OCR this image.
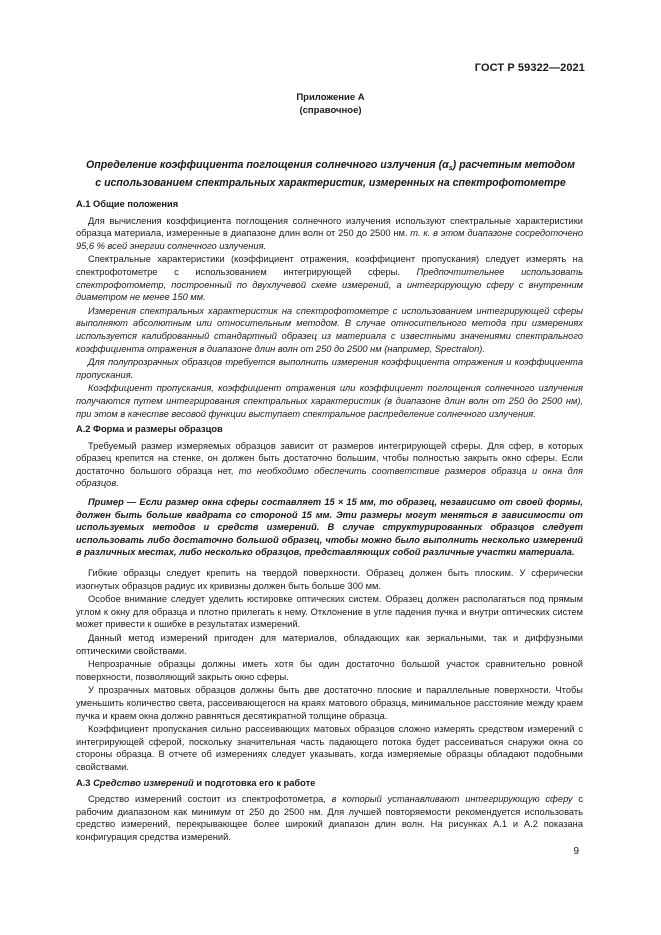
ГОСТ Р 59322—2021
Приложение А
(справочное)
Определение коэффициента поглощения солнечного излучения $(\alpha_s)$ расчетным методом
с использованием спектральных характеристик, измеренных на спектрофотометре
А.1 Общие положения
Для вычисления коэффициента поглощения солнечного излучения используют спектральные характеристики образца материала, измеренные в диапазоне длин волн от 250 до 2500 нм. т. к. в этом диапазоне сосредоточено 95,6 % всей энергии солнечного излучения.
Спектральные характеристики (коэффициент отражения, коэффициент пропускания) следует измерять на спектрофотометре с использованием интегрирующей сферы. Предпочтительнее использовать спектрофотометр, построенный по двухлучевой схеме измерений, а интегрирующую сферу с внутренним диаметром не менее 150 мм.
Измерения спектральных характеристик на спектрофотометре с использованием интегрирующей сферы выполняют абсолютным или относительным методом. В случае относительного метода при измерениях используется калиброванный стандартный образец из материала с известными значениями спектрального коэффициента отражения в диапазоне длин волн от 250 до 2500 нм (например, Spectralon).
Для полупрозрачных образцов требуется выполнить измерения коэффициента отражения и коэффициента пропускания.
Коэффициент пропускания, коэффициент отражения или коэффициент поглощения солнечного излучения получаются путем интегрирования спектральных характеристик (в диапазоне длин волн от 250 до 2500 нм), при этом в качестве весовой функции выступает спектральное распределение солнечного излучения.
А.2 Форма и размеры образцов
Требуемый размер измеряемых образцов зависит от размеров интегрирующей сферы. Для сфер, в которых образец крепится на стенке, он должен быть достаточно большим, чтобы полностью закрыть окно сферы. Если достаточно большого образца нет, то необходимо обеспечить соответствие размеров образца и окна для образцов.
Пример — Если размер окна сферы составляет 15 × 15 мм, то образец, независимо от своей формы, должен быть больше квадрата со стороной 15 мм. Эти размеры могут меняться в зависимости от используемых методов и средств измерений. В случае структурированных образцов следует использовать либо достаточно большой образец, чтобы можно было выполнить несколько измерений в различных местах, либо несколько образцов, представляющих собой различные участки материала.
Гибкие образцы следует крепить на твердой поверхности. Образец должен быть плоским. У сферически изогнутых образцов радиус их кривизны должен быть больше 300 мм.
Особое внимание следует уделить юстировке оптических систем. Образец должен располагаться под прямым углом к окну для образца и плотно прилегать к нему. Отклонение в угле падения пучка и внутри оптических систем может привести к ошибке в результатах измерений.
Данный метод измерений пригоден для материалов, обладающих как зеркальными, так и диффузными оптическими свойствами.
Непрозрачные образцы должны иметь хотя бы один достаточно большой участок сравнительно ровной поверхности, позволяющий закрыть окно сферы.
У прозрачных матовых образцов должны быть две достаточно плоские и параллельные поверхности. Чтобы уменьшить количество света, рассеивающегося на краях матового образца, минимальное расстояние между краем пучка и краем окна должно равняться десятикратной толщине образца.
Коэффициент пропускания сильно рассеивающих матовых образцов сложно измерять средством измерений с интегрирующей сферой, поскольку значительная часть падающего потока будет рассеиваться снаружи окна со стороны образца. В отчете об измерениях следует указывать, когда измеряемые образцы обладают подобными свойствами.
А.3 Средство измерений и подготовка его к работе
Средство измерений состоит из спектрофотометра, в который устанавливают интегрирующую сферу с рабочим диапазоном как минимум от 250 до 2500 нм. Для лучшей повторяемости рекомендуется использовать средство измерений, перекрывающее более широкий диапазон длин волн. На рисунках А.1 и А.2 показана конфигурация средства измерений.
9
